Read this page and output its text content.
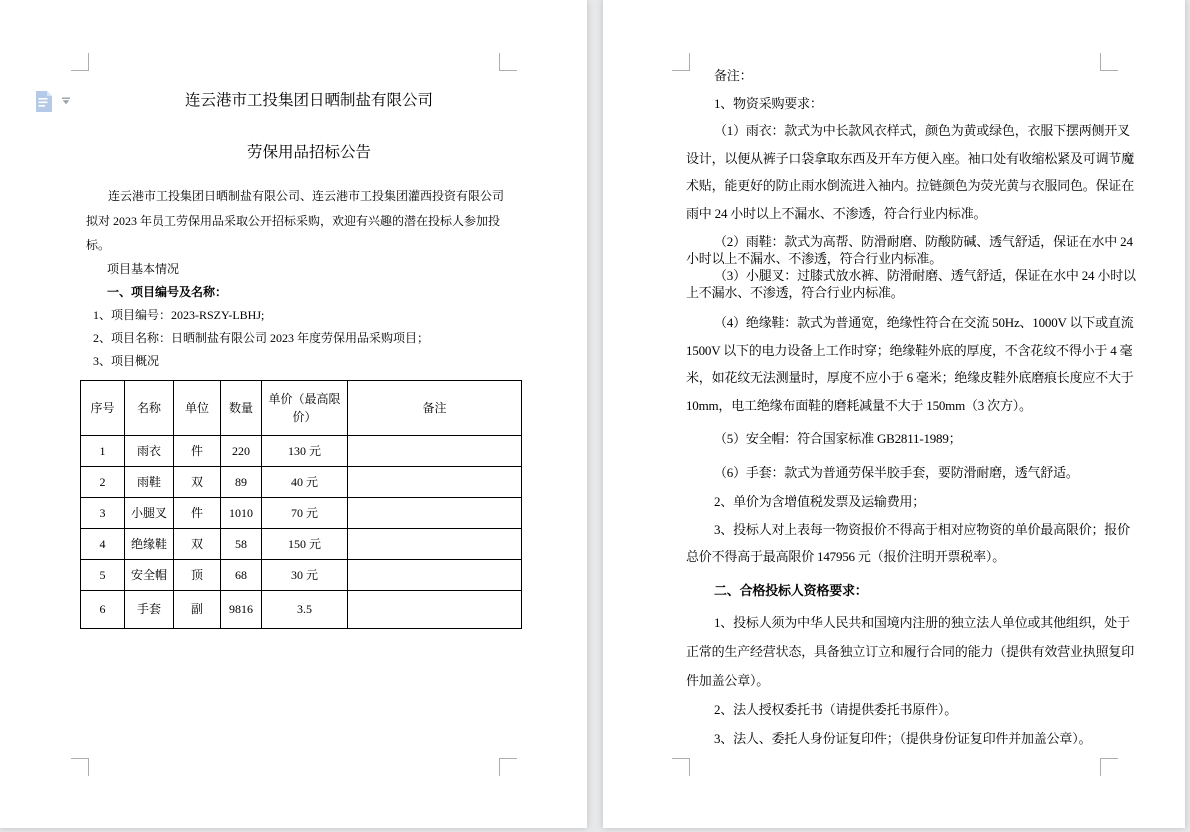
连云港市工投集团日晒制盐有限公司
劳保用品招标公告
连云港市工投集团日晒制盐有限公司、连云港市工投集团灌西投资有限公司
拟对 2023 年员工劳保用品采取公开招标采购，欢迎有兴趣的潜在投标人参加投
标。
项目基本情况
一、项目编号及名称：
1、项目编号：2023-RSZY-LBHJ;
2、项目名称：日晒制盐有限公司 2023 年度劳保用品采购项目；
3、项目概况
序号	名称	单位	数量	单价（最高限价）	备注
1	雨衣	件	220	130 元	
2	雨鞋	双	89	40 元	
3	小腿叉	件	1010	70 元	
4	绝缘鞋	双	58	150 元	
5	安全帽	顶	68	30 元	
6	手套	副	9816	3.5	
备注：
1、物资采购要求：
（1）雨衣：款式为中长款风衣样式，颜色为黄或绿色，衣服下摆两侧开叉
设计，以便从裤子口袋拿取东西及开车方便入座。袖口处有收缩松紧及可调节魔
术贴，能更好的防止雨水倒流进入袖内。拉链颜色为荧光黄与衣服同色。保证在
雨中 24 小时以上不漏水、不渗透，符合行业内标准。
（2）雨鞋：款式为高帮、防滑耐磨、防酸防碱、透气舒适，保证在水中 24
小时以上不漏水、不渗透，符合行业内标准。
（3）小腿叉：过膝式放水裤、防滑耐磨、透气舒适，保证在水中 24 小时以
上不漏水、不渗透，符合行业内标准。
（4）绝缘鞋：款式为普通宽，绝缘性符合在交流 50Hz、1000V 以下或直流
1500V 以下的电力设备上工作时穿；绝缘鞋外底的厚度，不含花纹不得小于 4 毫
米，如花纹无法测量时，厚度不应小于 6 毫米；绝缘皮鞋外底磨痕长度应不大于
10mm，电工绝缘布面鞋的磨耗减量不大于 150mm（3 次方）。
（5）安全帽：符合国家标准 GB2811-1989；
（6）手套：款式为普通劳保半胶手套，要防滑耐磨，透气舒适。
2、单价为含增值税发票及运输费用；
3、投标人对上表每一物资报价不得高于相对应物资的单价最高限价；报价
总价不得高于最高限价 147956 元（报价注明开票税率）。
二、合格投标人资格要求：
1、投标人须为中华人民共和国境内注册的独立法人单位或其他组织，处于
正常的生产经营状态，具备独立订立和履行合同的能力（提供有效营业执照复印
件加盖公章）。
2、法人授权委托书（请提供委托书原件）。
3、法人、委托人身份证复印件；（提供身份证复印件并加盖公章）。
